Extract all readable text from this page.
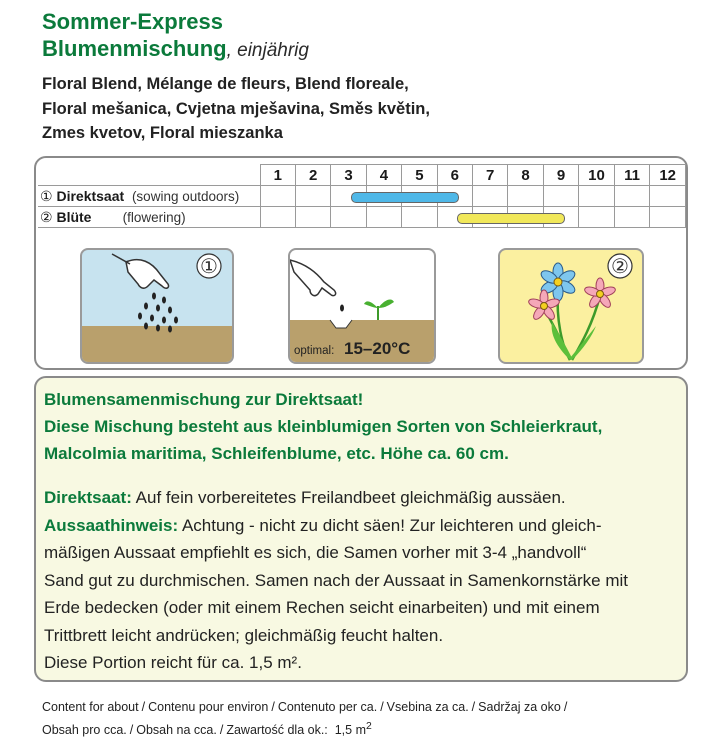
Sommer-Express
Blumenmischung, einjährig
Floral Blend, Mélange de fleurs, Blend floreale,
Floral mešanica, Cvjetna mješavina, Směs květin,
Zmes kvetov, Floral mieszanka
	1	2	3	4	5	6	7	8	9	10	11	12
① Direktsaat (sowing outdoors)												
② Blüte (flowering)												
①
optimal: 15–20°C
②
Blumensamenmischung zur Direktsaat!
Diese Mischung besteht aus kleinblumigen Sorten von Schleierkraut,
Malcolmia maritima, Schleifenblume, etc. Höhe ca. 60 cm.
Direktsaat: Auf fein vorbereitetes Freilandbeet gleichmäßig aussäen.
Aussaathinweis: Achtung - nicht zu dicht säen! Zur leichteren und gleich-
mäßigen Aussaat empfiehlt es sich, die Samen vorher mit 3-4 „handvoll“
Sand gut zu durchmischen. Samen nach der Aussaat in Samenkornstärke mit
Erde bedecken (oder mit einem Rechen seicht einarbeiten) und mit einem
Trittbrett leicht andrücken; gleichmäßig feucht halten.
Diese Portion reicht für ca. 1,5 m².
Content for about / Contenu pour environ / Contenuto per ca. / Vsebina za ca. / Sadržaj za oko /
Obsah pro cca. / Obsah na cca. / Zawartość dla ok.: 1,5 $m^2$
